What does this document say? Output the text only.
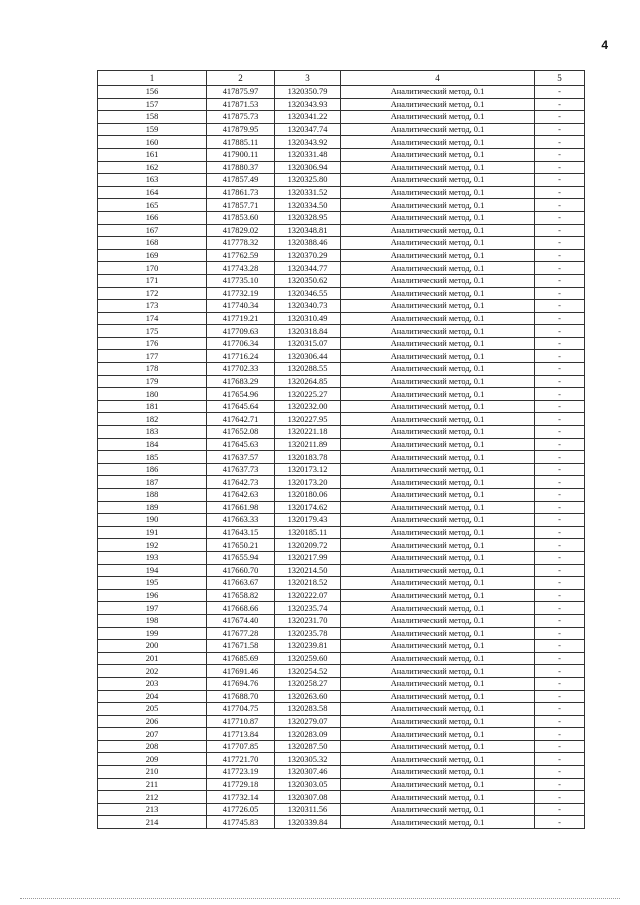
4
1	2	3	4	5
156	417875.97	1320350.79	Аналитический метод, 0.1	-
157	417871.53	1320343.93	Аналитический метод, 0.1	-
158	417875.73	1320341.22	Аналитический метод, 0.1	-
159	417879.95	1320347.74	Аналитический метод, 0.1	-
160	417885.11	1320343.92	Аналитический метод, 0.1	-
161	417900.11	1320331.48	Аналитический метод, 0.1	-
162	417880.37	1320306.94	Аналитический метод, 0.1	-
163	417857.49	1320325.80	Аналитический метод, 0.1	-
164	417861.73	1320331.52	Аналитический метод, 0.1	-
165	417857.71	1320334.50	Аналитический метод, 0.1	-
166	417853.60	1320328.95	Аналитический метод, 0.1	-
167	417829.02	1320348.81	Аналитический метод, 0.1	-
168	417778.32	1320388.46	Аналитический метод, 0.1	-
169	417762.59	1320370.29	Аналитический метод, 0.1	-
170	417743.28	1320344.77	Аналитический метод, 0.1	-
171	417735.10	1320350.62	Аналитический метод, 0.1	-
172	417732.19	1320346.55	Аналитический метод, 0.1	-
173	417740.34	1320340.73	Аналитический метод, 0.1	-
174	417719.21	1320310.49	Аналитический метод, 0.1	-
175	417709.63	1320318.84	Аналитический метод, 0.1	-
176	417706.34	1320315.07	Аналитический метод, 0.1	-
177	417716.24	1320306.44	Аналитический метод, 0.1	-
178	417702.33	1320288.55	Аналитический метод, 0.1	-
179	417683.29	1320264.85	Аналитический метод, 0.1	-
180	417654.96	1320225.27	Аналитический метод, 0.1	-
181	417645.64	1320232.00	Аналитический метод, 0.1	-
182	417642.71	1320227.95	Аналитический метод, 0.1	-
183	417652.08	1320221.18	Аналитический метод, 0.1	-
184	417645.63	1320211.89	Аналитический метод, 0.1	-
185	417637.57	1320183.78	Аналитический метод, 0.1	-
186	417637.73	1320173.12	Аналитический метод, 0.1	-
187	417642.73	1320173.20	Аналитический метод, 0.1	-
188	417642.63	1320180.06	Аналитический метод, 0.1	-
189	417661.98	1320174.62	Аналитический метод, 0.1	-
190	417663.33	1320179.43	Аналитический метод, 0.1	-
191	417643.15	1320185.11	Аналитический метод, 0.1	-
192	417650.21	1320209.72	Аналитический метод, 0.1	-
193	417655.94	1320217.99	Аналитический метод, 0.1	-
194	417660.70	1320214.50	Аналитический метод, 0.1	-
195	417663.67	1320218.52	Аналитический метод, 0.1	-
196	417658.82	1320222.07	Аналитический метод, 0.1	-
197	417668.66	1320235.74	Аналитический метод, 0.1	-
198	417674.40	1320231.70	Аналитический метод, 0.1	-
199	417677.28	1320235.78	Аналитический метод, 0.1	-
200	417671.58	1320239.81	Аналитический метод, 0.1	-
201	417685.69	1320259.60	Аналитический метод, 0.1	-
202	417691.46	1320254.52	Аналитический метод, 0.1	-
203	417694.76	1320258.27	Аналитический метод, 0.1	-
204	417688.70	1320263.60	Аналитический метод, 0.1	-
205	417704.75	1320283.58	Аналитический метод, 0.1	-
206	417710.87	1320279.07	Аналитический метод, 0.1	-
207	417713.84	1320283.09	Аналитический метод, 0.1	-
208	417707.85	1320287.50	Аналитический метод, 0.1	-
209	417721.70	1320305.32	Аналитический метод, 0.1	-
210	417723.19	1320307.46	Аналитический метод, 0.1	-
211	417729.18	1320303.05	Аналитический метод, 0.1	-
212	417732.14	1320307.08	Аналитический метод, 0.1	-
213	417726.05	1320311.56	Аналитический метод, 0.1	-
214	417745.83	1320339.84	Аналитический метод, 0.1	-
